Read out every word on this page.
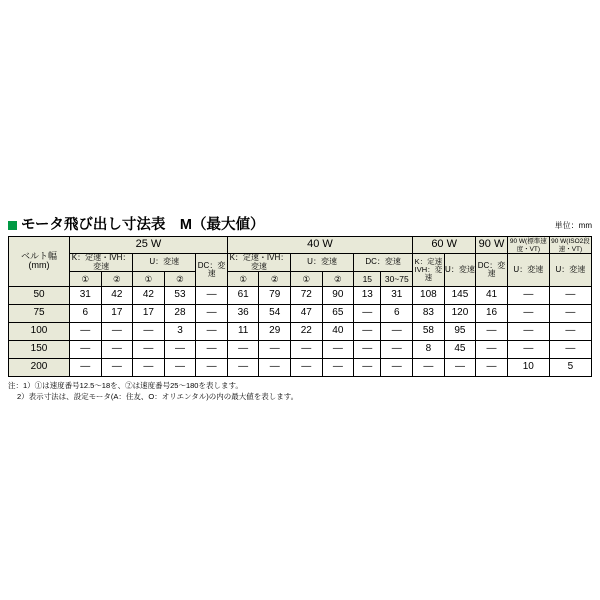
モータ飛び出し寸法表　M（最大値）	単位：mm
ベルト幅
(mm)	25 W					40 W						60 W		90 W	90 W(標準速度・VT)	90 W(ISO2段速・VT)
	K：定速・IVH：変速		U：変速		DC：変速	K：定速・IVH：変速		U：変速		DC：変速		K：定速 IVH：変速	U：変速	DC：変速	U：変速	U：変速
	①	②	①	②		①	②	①	②	15	30~75					
50	31	42	42	53	—	61	79	72	90	13	31	108	145	41	—	—
75	6	17	17	28	—	36	54	47	65	—	6	83	120	16	—	—
100	—	—	—	3	—	11	29	22	40	—	—	58	95	—	—	—
150	—	—	—	—	—	—	—	—	—	—	—	8	45	—	—	—
200	—	—	—	—	—	—	—	—	—	—	—	—	—	—	10	5
注：1）①は速度番号12.5～18を、②は速度番号25～180を表します。
2）表示寸法は、設定モータ(A：住友、O：オリエンタル)の内の最大値を表します。
